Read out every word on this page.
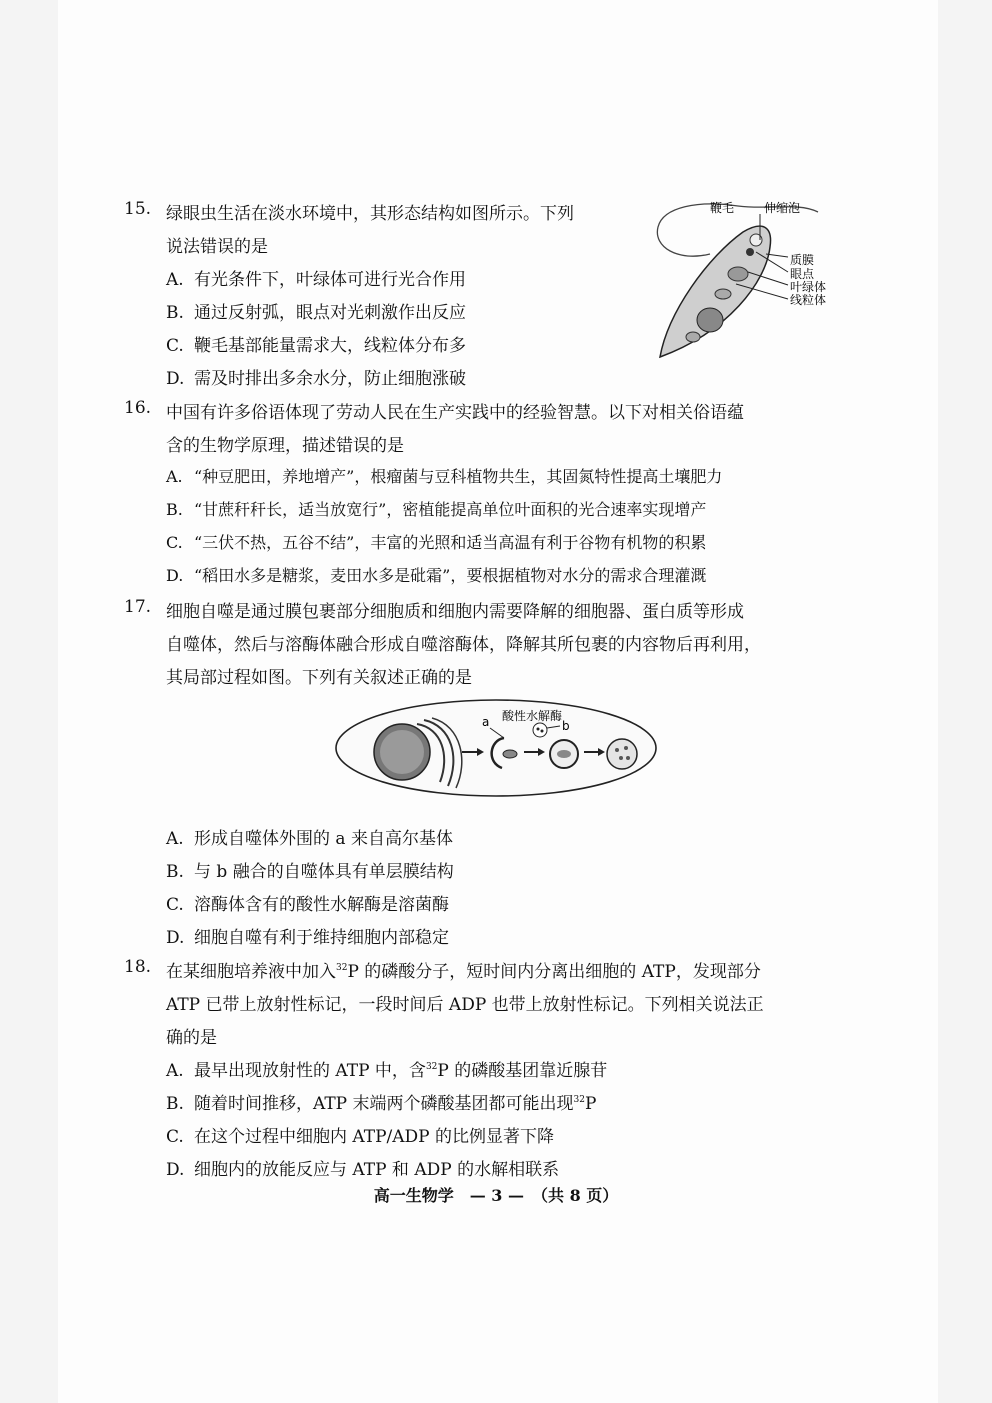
15. 绿眼虫生活在淡水环境中，其形态结构如图所示。下列
说法错误的是
A. 有光条件下，叶绿体可进行光合作用
B. 通过反射弧，眼点对光刺激作出反应
C. 鞭毛基部能量需求大，线粒体分布多
D. 需及时排出多余水分，防止细胞涨破
鞭毛 伸缩泡
质膜
眼点
叶绿体
线粒体
16. 中国有许多俗语体现了劳动人民在生产实践中的经验智慧。以下对相关俗语蕴
含的生物学原理，描述错误的是
A. “种豆肥田，养地增产”，根瘤菌与豆科植物共生，其固氮特性提高土壤肥力
B. “甘蔗秆秆长，适当放宽行”，密植能提高单位叶面积的光合速率实现增产
C. “三伏不热，五谷不结”，丰富的光照和适当高温有利于谷物有机物的积累
D. “稻田水多是糖浆，麦田水多是砒霜”，要根据植物对水分的需求合理灌溉
17. 细胞自噬是通过膜包裹部分细胞质和细胞内需要降解的细胞器、蛋白质等形成
自噬体，然后与溶酶体融合形成自噬溶酶体，降解其所包裹的内容物后再利用，
其局部过程如图。下列有关叙述正确的是
a	b
酸性水解酶
A. 形成自噬体外围的 a 来自高尔基体
B. 与 b 融合的自噬体具有单层膜结构
C. 溶酶体含有的酸性水解酶是溶菌酶
D. 细胞自噬有利于维持细胞内部稳定
18. 在某细胞培养液中加入$^{32}$P 的磷酸分子，短时间内分离出细胞的 ATP，发现部分
ATP 已带上放射性标记，一段时间后 ADP 也带上放射性标记。下列相关说法正
确的是
A. 最早出现放射性的 ATP 中，含$^{32}$P 的磷酸基团靠近腺苷
B. 随着时间推移，ATP 末端两个磷酸基团都可能出现$^{32}$P
C. 在这个过程中细胞内 ATP/ADP 的比例显著下降
D. 细胞内的放能反应与 ATP 和 ADP 的水解相联系
高一生物学　— 3 —　（共 8 页）
